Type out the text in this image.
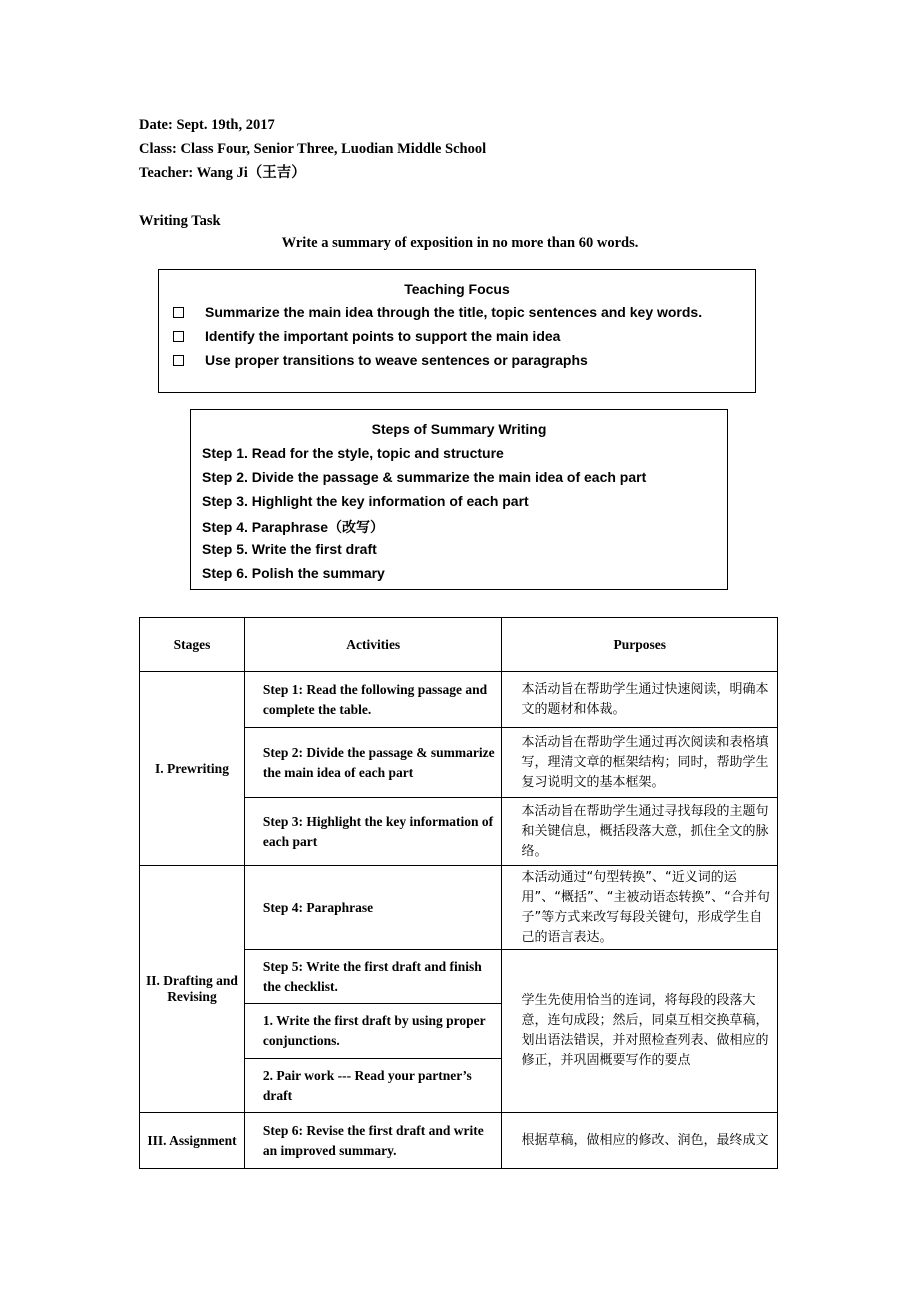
Date: Sept. 19th, 2017
Class: Class Four, Senior Three, Luodian Middle School
Teacher: Wang Ji（王吉）
Writing Task
Write a summary of exposition in no more than 60 words.
Teaching Focus
Summarize the main idea through the title, topic sentences and key words.
Identify the important points to support the main idea
Use proper transitions to weave sentences or paragraphs
Steps of Summary Writing
Step 1. Read for the style, topic and structure
Step 2. Divide the passage & summarize the main idea of each part
Step 3. Highlight the key information of each part
Step 4. Paraphrase（改写）
Step 5. Write the first draft
Step 6. Polish the summary
Stages	Activities	Purposes
I. Prewriting	Step 1: Read the following passage and complete the table.	本活动旨在帮助学生通过快速阅读，明确本文的题材和体裁。

	Step 2: Divide the passage & summarize the main idea of each part	本活动旨在帮助学生通过再次阅读和表格填写，理清文章的框架结构；同时，帮助学生复习说明文的基本框架。

	Step 3: Highlight the key information of each part	本活动旨在帮助学生通过寻找每段的主题句和关键信息，概括段落大意，抓住全文的脉络。

II. Drafting and Revising	Step 4: Paraphrase	本活动通过“句型转换”、“近义词的运用”、“概括”、“主被动语态转换”、“合并句子”等方式来改写每段关键句，形成学生自己的语言表达。

	Step 5: Write the first draft and finish the checklist.	学生先使用恰当的连词，将每段的段落大意，连句成段；然后，同桌互相交换草稿，划出语法错误，并对照检查列表、做相应的修正，并巩固概要写作的要点

	1. Write the first draft by using proper conjunctions.	

	2. Pair work --- Read your partner’s draft	

III. Assignment	Step 6: Revise the first draft and write an improved summary.	根据草稿，做相应的修改、润色，最终成文
